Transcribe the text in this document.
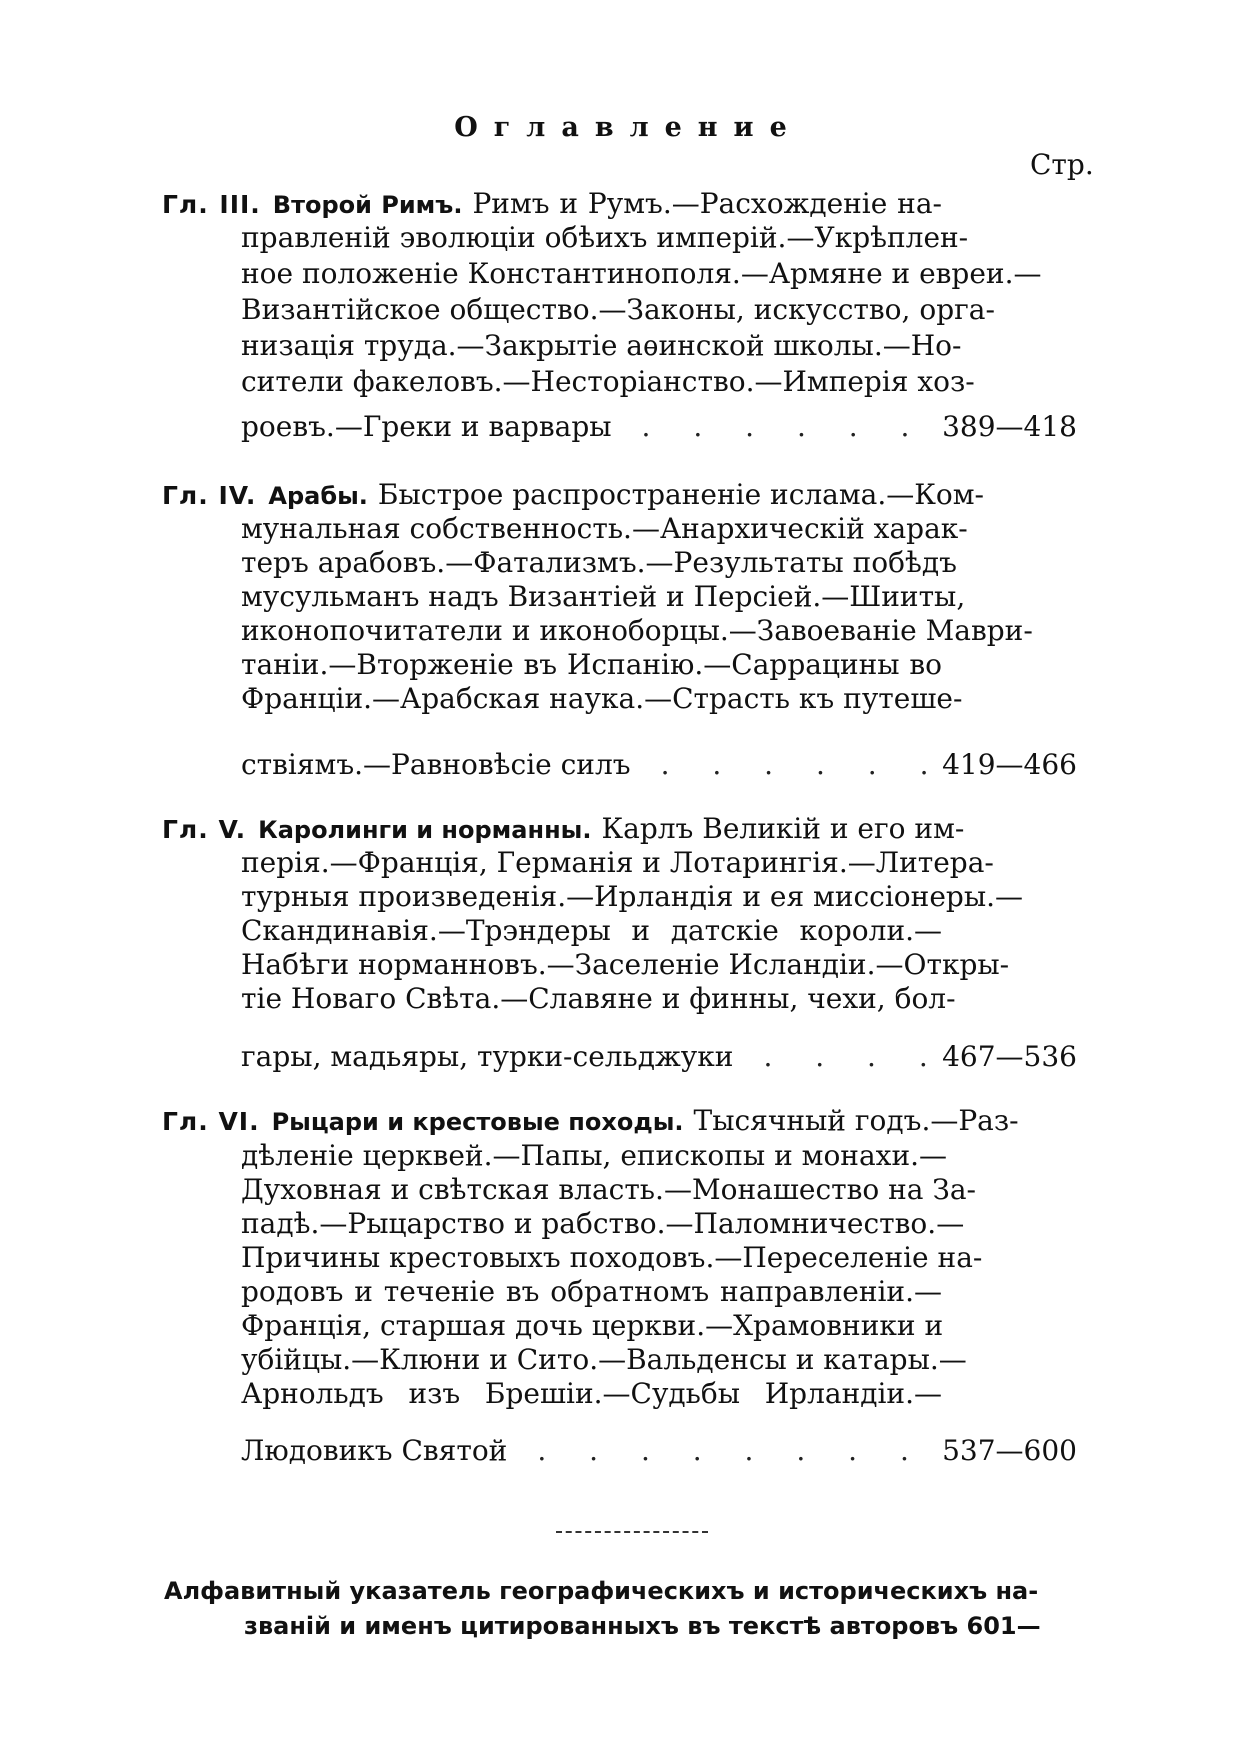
Оглавление
Стр.
Гл. III. Второй Римъ. Римъ и Румъ.—Расхожденіе на-
правленій эволюціи обѣихъ имперій.—Укрѣплен-
ное положеніе Константинополя.—Армяне и евреи.—
Византійское общество.—Законы, искусство, орга-
низація труда.—Закрытіе аѳинской школы.—Но-
сители факеловъ.—Несторіанство.—Имперія хоз-
роевъ.—Греки и варвары . . .	389—418
Гл. IV. Арабы. Быстрое распространеніе ислама.—Ком-
мунальная собственность.—Анархическій харак-
теръ арабовъ.—Фатализмъ.—Результаты побѣдъ
мусульманъ надъ Византіей и Персіей.—Шииты,
иконопочитатели и иконоборцы.—Завоеваніе Маври-
таніи.—Вторженіе въ Испанію.—Саррацины во
Франціи.—Арабская наука.—Страсть къ путеше-
ствіямъ.—Равновѣсіе силъ . . .	419—466
Гл. V. Каролинги и норманны. Карлъ Великій и его им-
перія.—Франція, Германія и Лотарингія.—Литера-
турныя произведенія.—Ирландія и ея миссіонеры.—
Скандинавія.—Трэндеры и датскіе короли.—
Набѣги норманновъ.—Заселеніе Исландіи.—Откры-
тіе Новаго Свѣта.—Славяне и финны, чехи, бол-
гары, мадьяры, турки-сельджуки . . .	467—536
Гл. VI. Рыцари и крестовые походы. Тысячный годъ.—Раз-
дѣленіе церквей.—Папы, епископы и монахи.—
Духовная и свѣтская власть.—Монашество на За-
падѣ.—Рыцарство и рабство.—Паломничество.—
Причины крестовыхъ походовъ.—Переселеніе на-
родовъ и теченіе въ обратномъ направленіи.—
Франція, старшая дочь церкви.—Храмовники и
убійцы.—Клюни и Сито.—Вальденсы и катары.—
Арнольдъ изъ Брешіи.—Судьбы Ирландіи.—
Людовикъ Святой . . .	537—600
Алфавитный указатель географическихъ и историческихъ на-
званій и именъ цитированныхъ въ текстѣ авторовъ 601—
